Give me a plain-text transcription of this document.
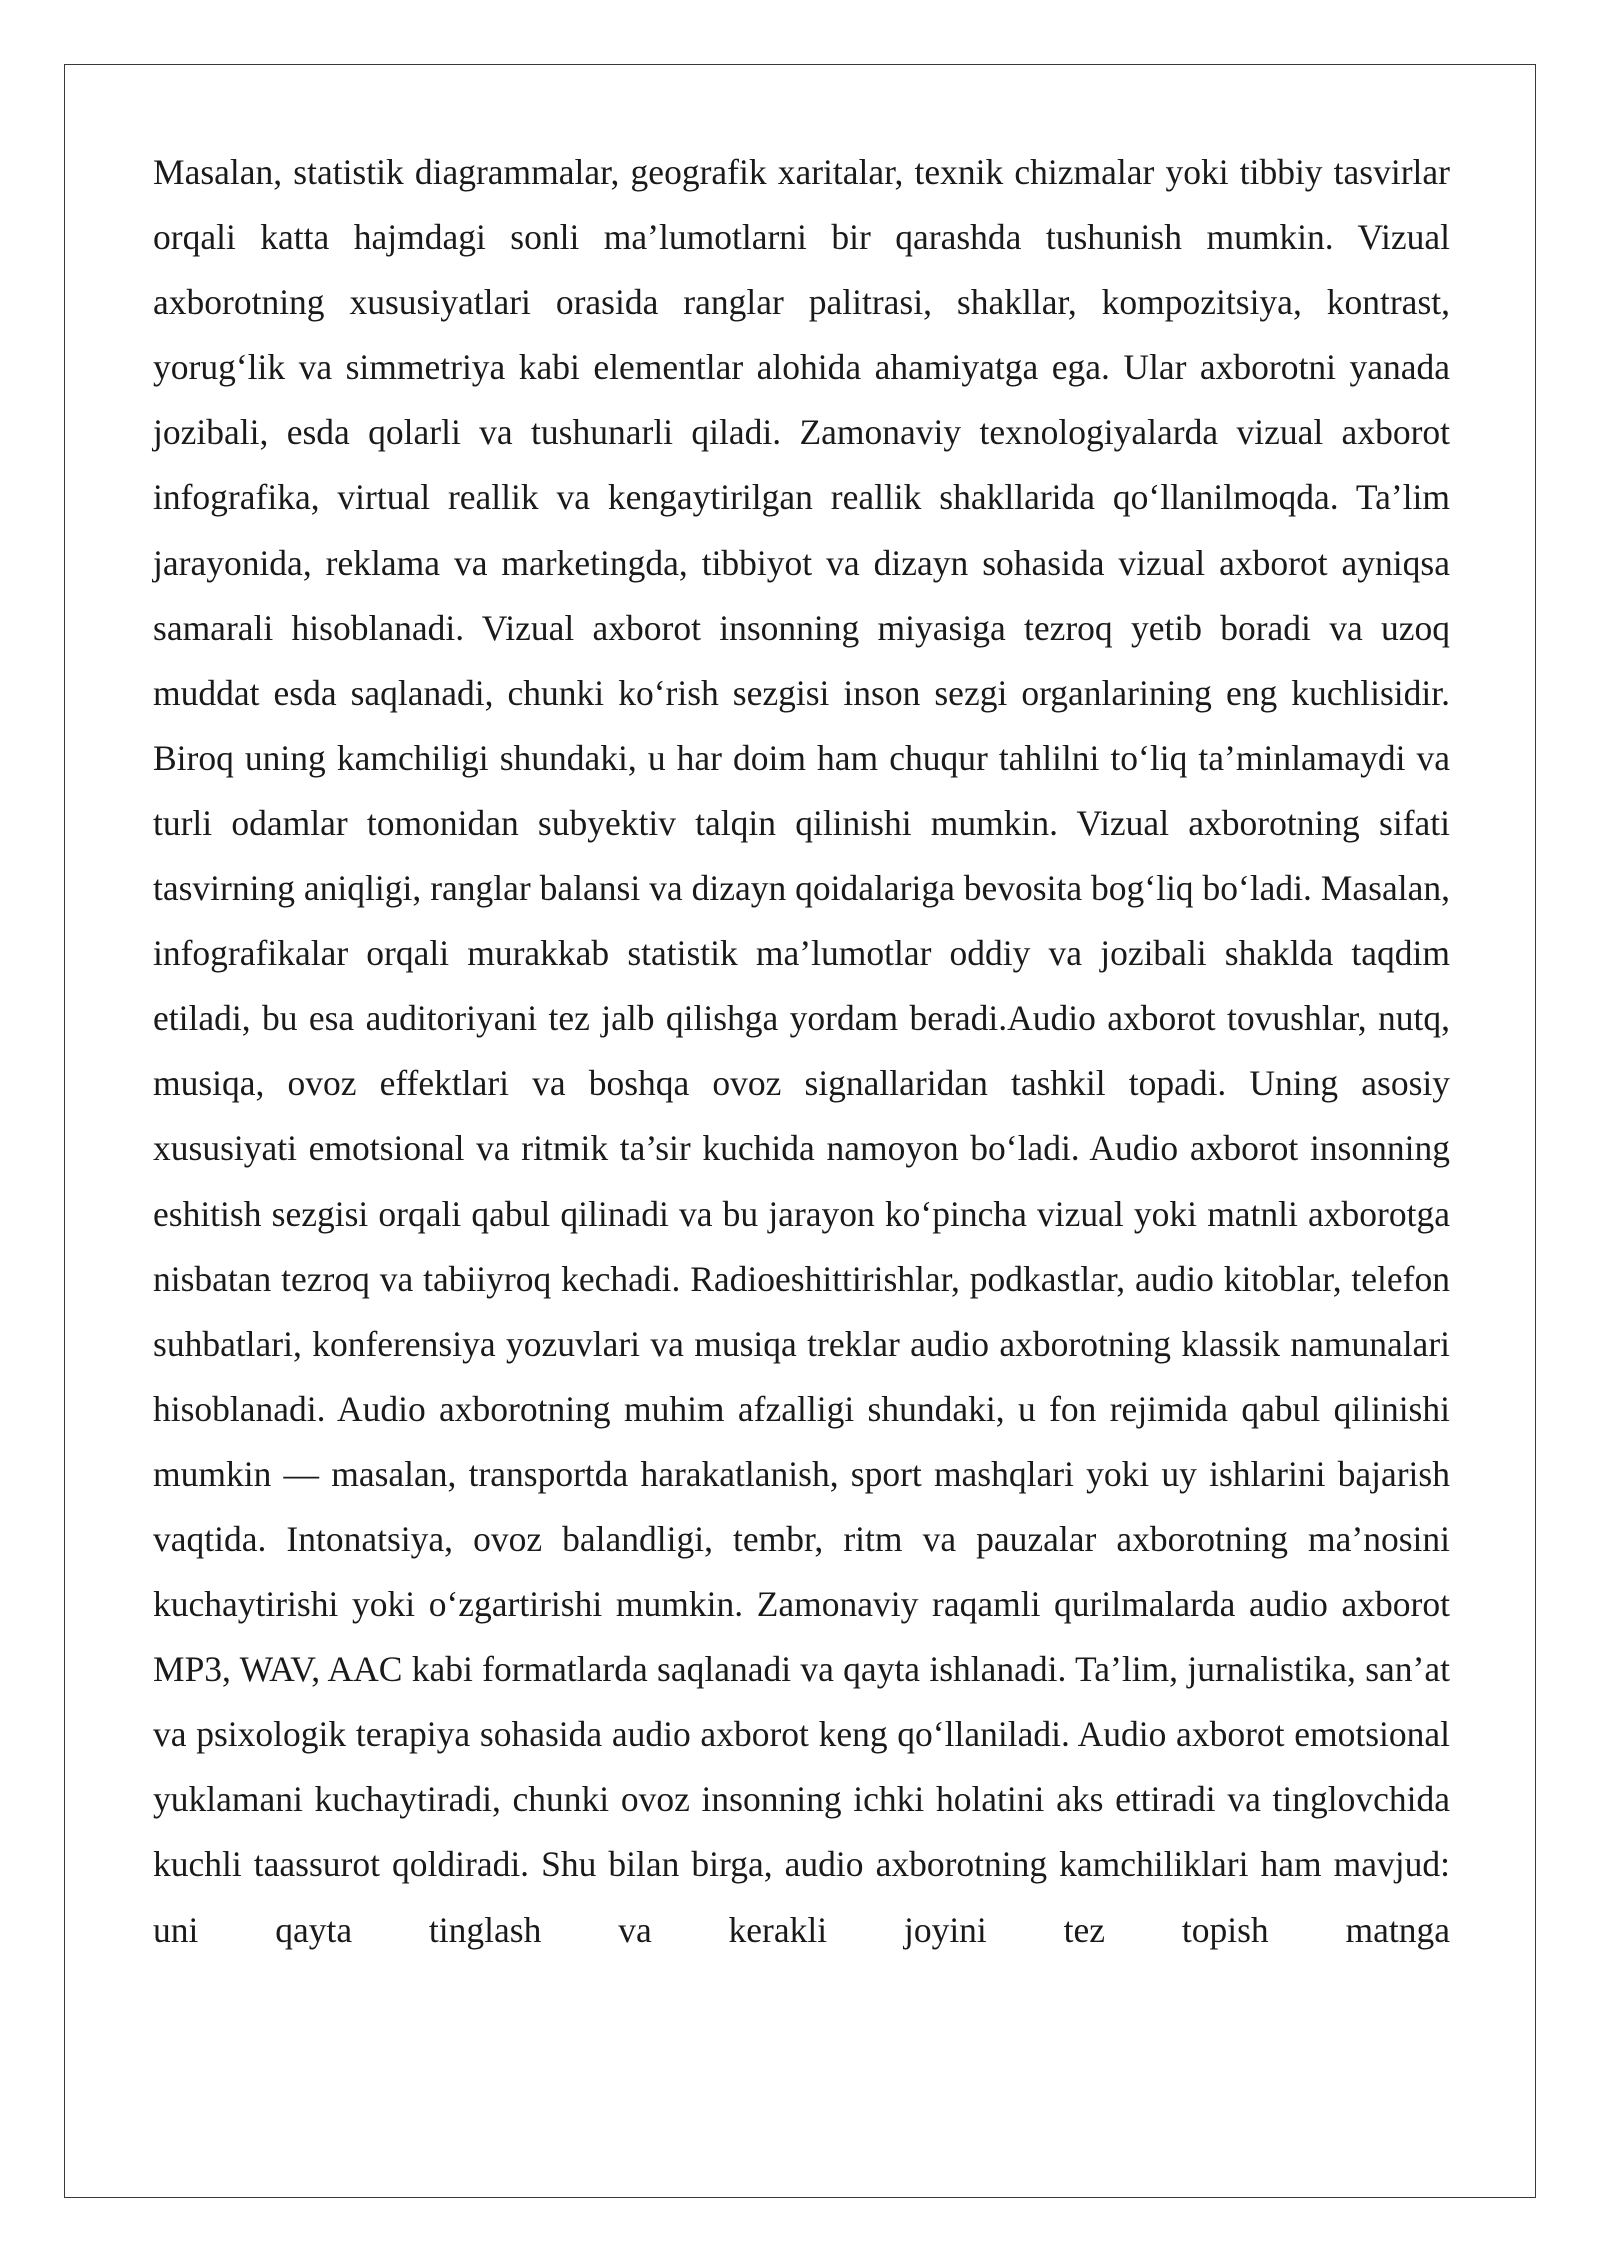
Masalan, statistik diagrammalar, geografik xaritalar, texnik chizmalar yoki tibbiy tasvirlar orqali katta hajmdagi sonli ma’lumotlarni bir qarashda tushunish mumkin. Vizual axborotning xususiyatlari orasida ranglar palitrasi, shakllar, kompozitsiya, kontrast, yorug‘lik va simmetriya kabi elementlar alohida ahamiyatga ega. Ular axborotni yanada jozibali, esda qolarli va tushunarli qiladi. Zamonaviy texnologiyalarda vizual axborot infografika, virtual reallik va kengaytirilgan reallik shakllarida qo‘llanilmoqda. Ta’lim jarayonida, reklama va marketingda, tibbiyot va dizayn sohasida vizual axborot ayniqsa samarali hisoblanadi. Vizual axborot insonning miyasiga tezroq yetib boradi va uzoq muddat esda saqlanadi, chunki ko‘rish sezgisi inson sezgi organlarining eng kuchlisidir. Biroq uning kamchiligi shundaki, u har doim ham chuqur tahlilni to‘liq ta’minlamaydi va turli odamlar tomonidan subyektiv talqin qilinishi mumkin. Vizual axborotning sifati tasvirning aniqligi, ranglar balansi va dizayn qoidalariga bevosita bog‘liq bo‘ladi. Masalan, infografikalar orqali murakkab statistik ma’lumotlar oddiy va jozibali shaklda taqdim etiladi, bu esa auditoriyani tez jalb qilishga yordam beradi.Audio axborot tovushlar, nutq, musiqa, ovoz effektlari va boshqa ovoz signallaridan tashkil topadi. Uning asosiy xususiyati emotsional va ritmik ta’sir kuchida namoyon bo‘ladi. Audio axborot insonning eshitish sezgisi orqali qabul qilinadi va bu jarayon ko‘pincha vizual yoki matnli axborotga nisbatan tezroq va tabiiyroq kechadi. Radioeshittirishlar, podkastlar, audio kitoblar, telefon suhbatlari, konferensiya yozuvlari va musiqa treklar audio axborotning klassik namunalari hisoblanadi. Audio axborotning muhim afzalligi shundaki, u fon rejimida qabul qilinishi mumkin — masalan, transportda harakatlanish, sport mashqlari yoki uy ishlarini bajarish vaqtida. Intonatsiya, ovoz balandligi, tembr, ritm va pauzalar axborotning ma’nosini kuchaytirishi yoki o‘zgartirishi mumkin. Zamonaviy raqamli qurilmalarda audio axborot MP3, WAV, AAC kabi formatlarda saqlanadi va qayta ishlanadi. Ta’lim, jurnalistika, san’at va psixologik terapiya sohasida audio axborot keng qo‘llaniladi. Audio axborot emotsional yuklamani kuchaytiradi, chunki ovoz insonning ichki holatini aks ettiradi va tinglovchida kuchli taassurot qoldiradi. Shu bilan birga, audio axborotning kamchiliklari ham mavjud: uni qayta tinglash va kerakli joyini tez topish matnga
